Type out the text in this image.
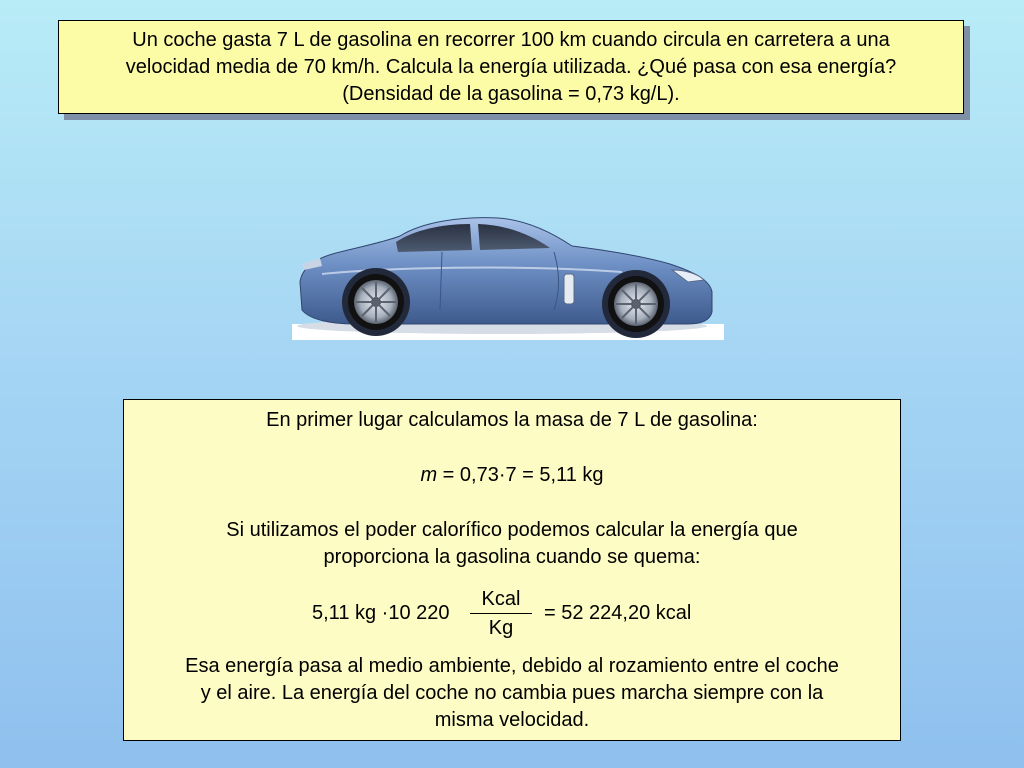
Un coche gasta 7 L de gasolina en recorrer 100 km cuando circula en carretera a una
velocidad media de 70 km/h. Calcula la energía utilizada. ¿Qué pasa con esa energía?
(Densidad de la gasolina = 0,73 kg/L).
En primer lugar calculamos la masa de 7 L de gasolina:
m = 0,73·7 = 5,11 kg
Si utilizamos el poder calorífico podemos calcular la energía que
proporciona la gasolina cuando se quema:
5,11 kg ·10 220
Kcal
Kg
= 52 224,20 kcal
Esa energía pasa al medio ambiente, debido al rozamiento entre el coche
y el aire. La energía del coche no cambia pues marcha siempre con la
misma velocidad.
